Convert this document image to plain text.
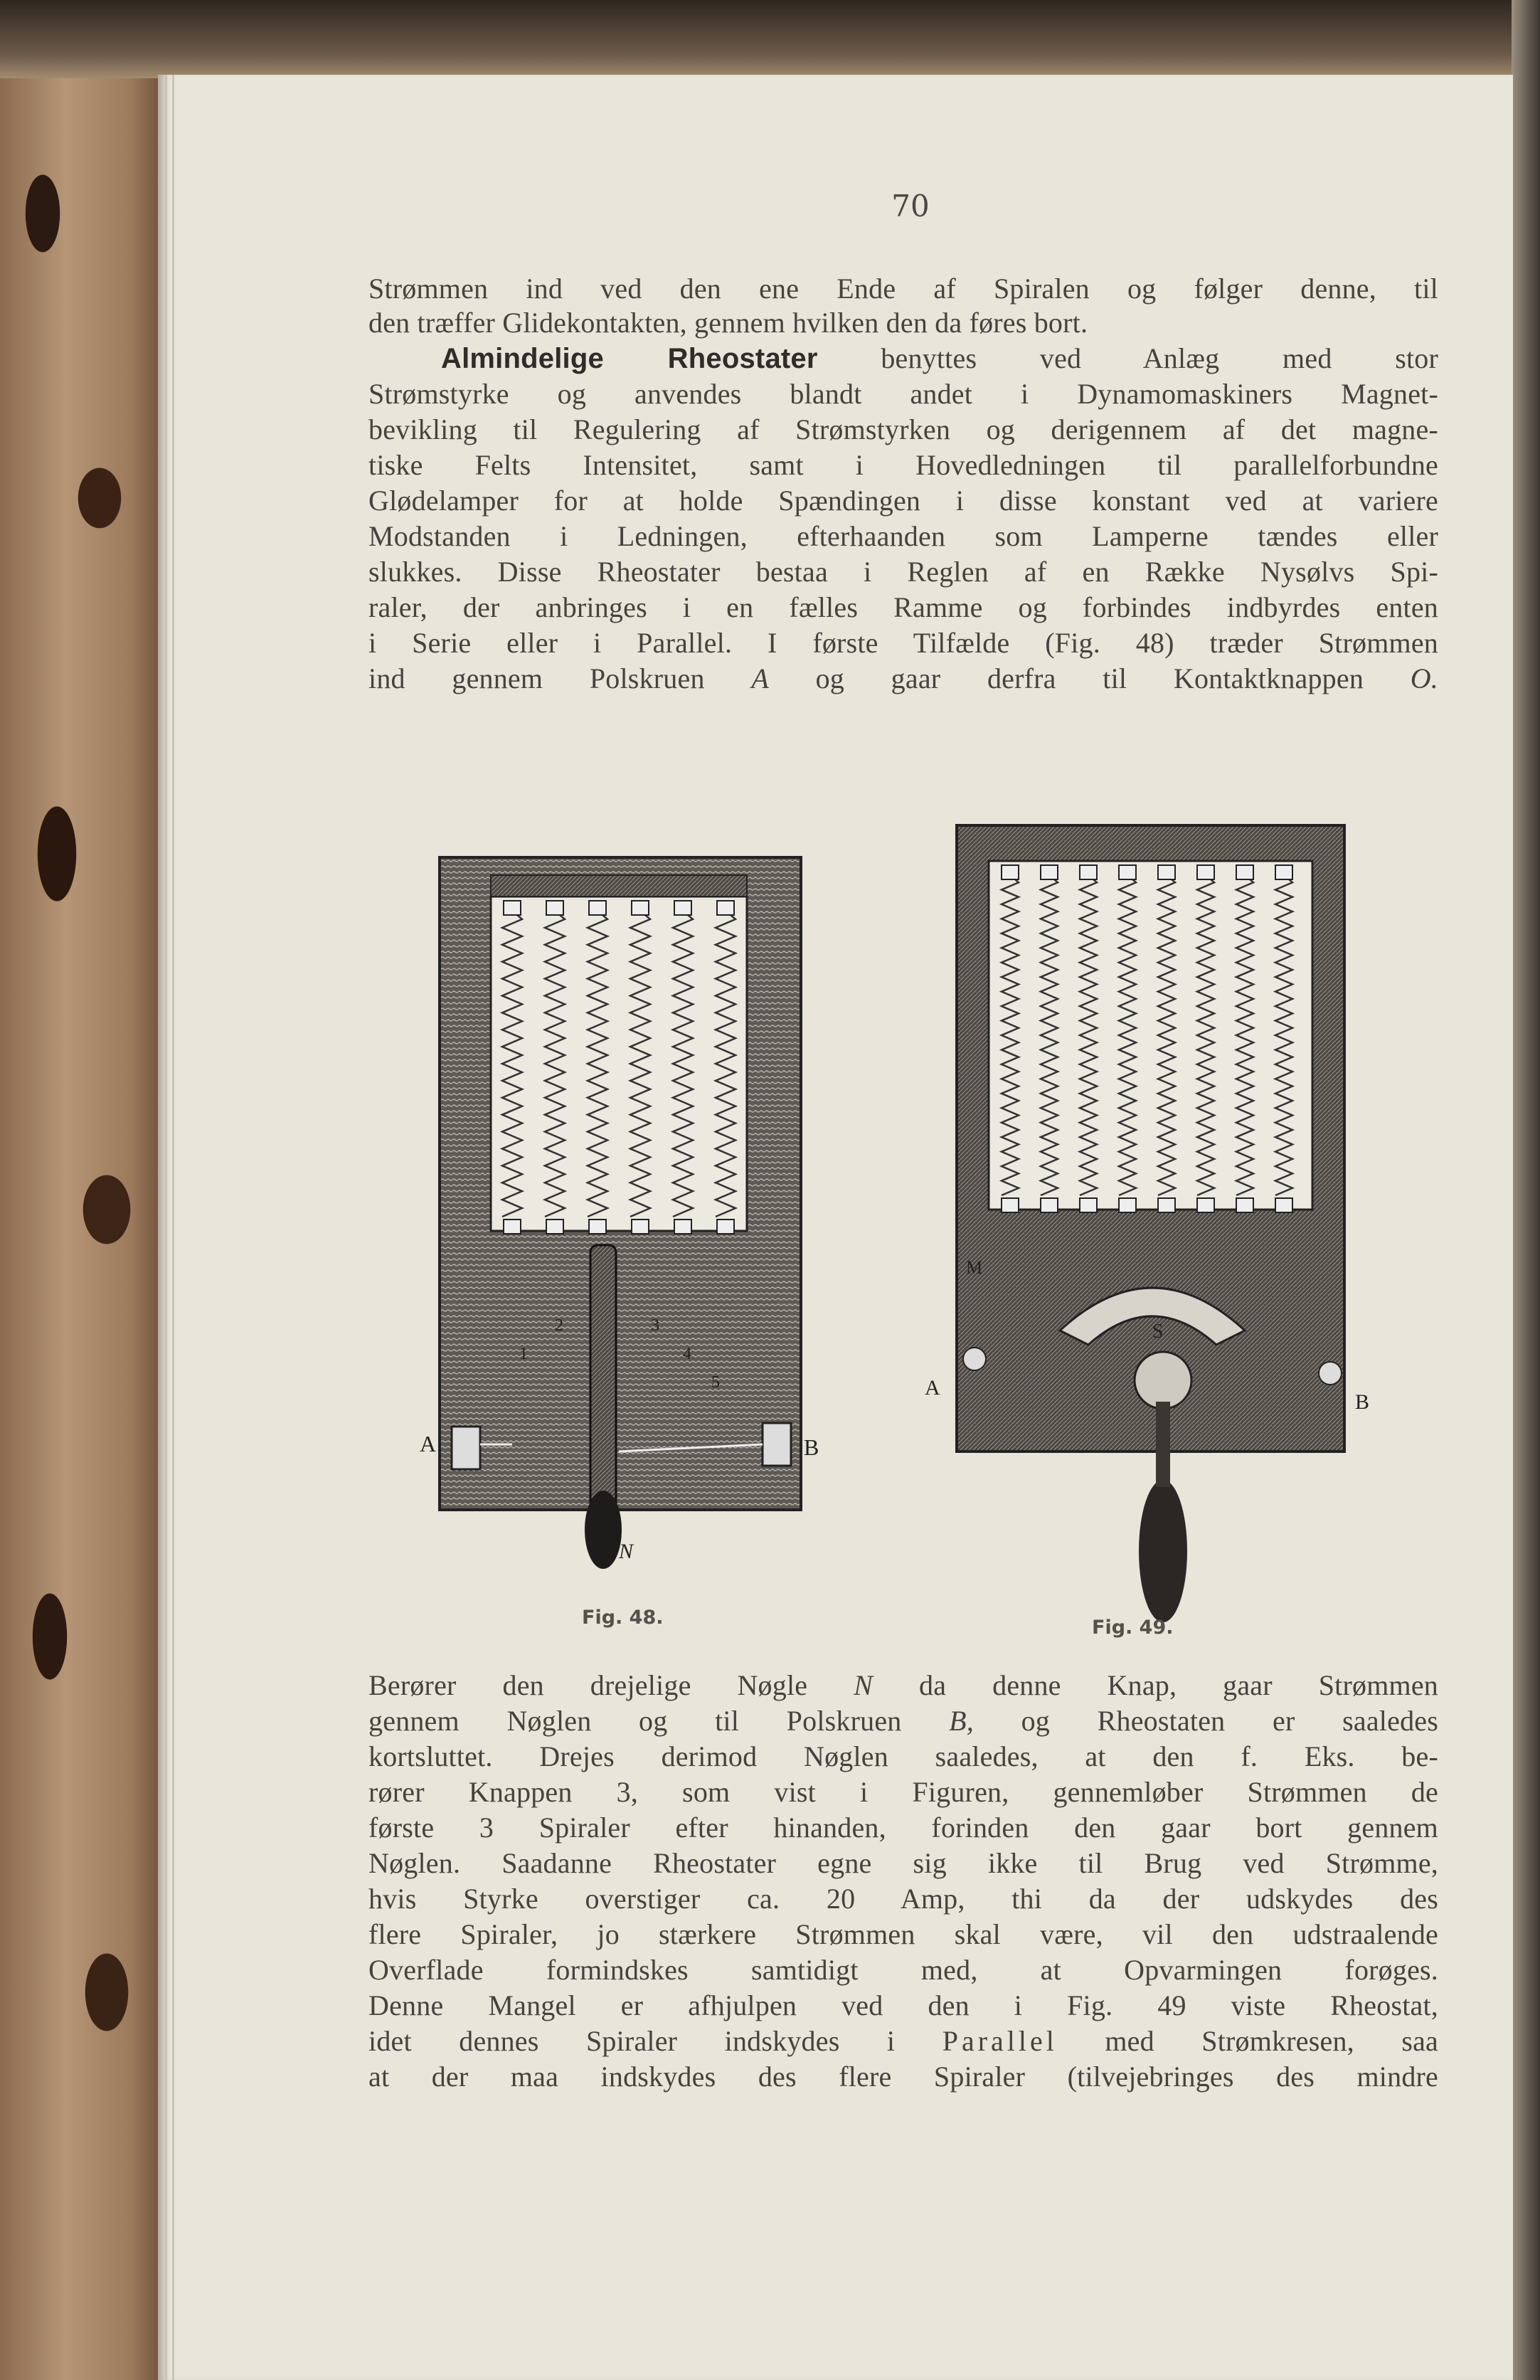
70
Strømmen ind ved den ene Ende af Spiralen og følger denne, til
den træffer Glidekontakten, gennem hvilken den da føres bort.
Almindelige Rheostater benyttes ved Anlæg med stor
Strømstyrke og anvendes blandt andet i Dynamomaskiners Magnet-
bevikling til Regulering af Strømstyrken og derigennem af det magne-
tiske Felts Intensitet, samt i Hovedledningen til parallelforbundne
Glødelamper for at holde Spændingen i disse konstant ved at variere
Modstanden i Ledningen, efterhaanden som Lamperne tændes eller
slukkes. Disse Rheostater bestaa i Reglen af en Række Nysølvs Spi-
raler, der anbringes i en fælles Ramme og forbindes indbyrdes enten
i Serie eller i Parallel. I første Tilfælde (Fig. 48) træder Strømmen
ind gennem Polskruen A og gaar derfra til Kontaktknappen O.
A	B
N
1
2	3
4
5
Fig. 48.
A
B
M
S
Fig. 49.
Berører den drejelige Nøgle N da denne Knap, gaar Strømmen
gennem Nøglen og til Polskruen B, og Rheostaten er saaledes
kortsluttet. Drejes derimod Nøglen saaledes, at den f. Eks. be-
rører Knappen 3, som vist i Figuren, gennemløber Strømmen de
første 3 Spiraler efter hinanden, forinden den gaar bort gennem
Nøglen. Saadanne Rheostater egne sig ikke til Brug ved Strømme,
hvis Styrke overstiger ca. 20 Amp, thi da der udskydes des
flere Spiraler, jo stærkere Strømmen skal være, vil den udstraalende
Overflade formindskes samtidigt med, at Opvarmingen forøges.
Denne Mangel er afhjulpen ved den i Fig. 49 viste Rheostat,
idet dennes Spiraler indskydes i Parallel med Strømkresen, saa
at der maa indskydes des flere Spiraler (tilvejebringes des mindre
